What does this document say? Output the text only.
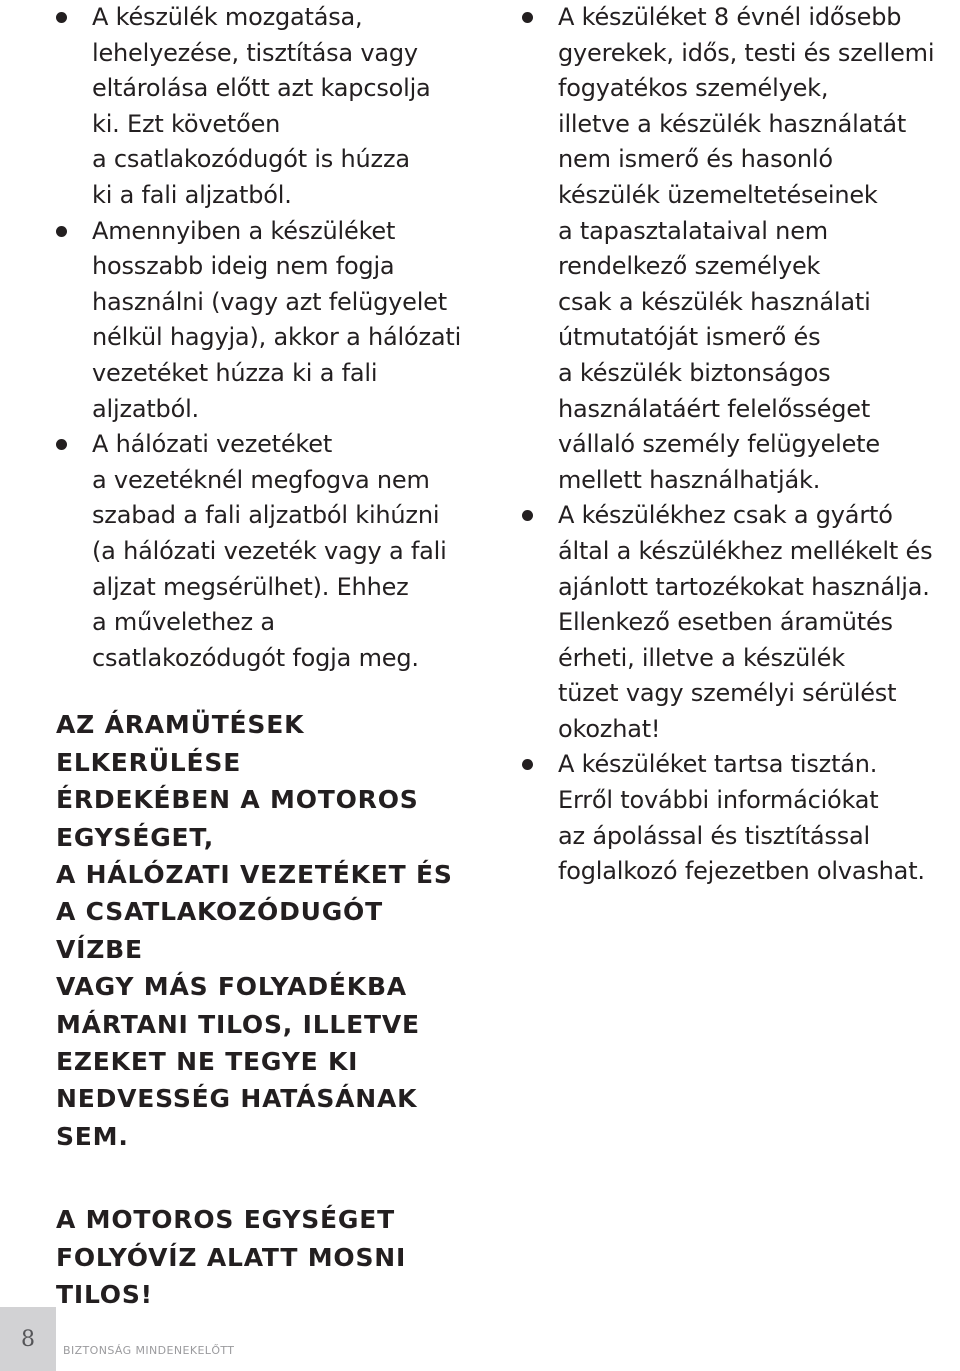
A készülék mozgatása,
lehelyezése, tisztítása vagy
eltárolása előtt azt kapcsolja
ki. Ezt követően
a csatlakozódugót is húzza
ki a fali aljzatból.
Amennyiben a készüléket
hosszabb ideig nem fogja
használni (vagy azt felügyelet
nélkül hagyja), akkor a hálózati
vezetéket húzza ki a fali
aljzatból.
A hálózati vezetéket
a vezetéknél megfogva nem
szabad a fali aljzatból kihúzni
(a hálózati vezeték vagy a fali
aljzat megsérülhet). Ehhez
a művelethez a
csatlakozódugót fogja meg.

AZ ÁRAMÜTÉSEK ELKERÜLÉSE
ÉRDEKÉBEN A MOTOROS
EGYSÉGET,
A HÁLÓZATI VEZETÉKET ÉS
A CSATLAKOZÓDUGÓT VÍZBE
VAGY MÁS FOLYADÉKBA
MÁRTANI TILOS, ILLETVE
EZEKET NE TEGYE KI
NEDVESSÉG HATÁSÁNAK SEM.

A MOTOROS EGYSÉGET
FOLYÓVÍZ ALATT MOSNI TILOS!

A készüléket 8 évnél idősebb
gyerekek, idős, testi és szellemi
fogyatékos személyek,
illetve a készülék használatát
nem ismerő és hasonló
készülék üzemeltetéseinek
a tapasztalataival nem
rendelkező személyek
csak a készülék használati
útmutatóját ismerő és
a készülék biztonságos
használatáért felelősséget
vállaló személy felügyelete
mellett használhatják.
A készülékhez csak a gyártó
által a készülékhez mellékelt és
ajánlott tartozékokat használja.
Ellenkező esetben áramütés
érheti, illetve a készülék
tüzet vagy személyi sérülést
okozhat!
A készüléket tartsa tisztán.
Erről további információkat
az ápolással és tisztítással
foglalkozó fejezetben olvashat.
8	BIZTONSÁG MINDENEKELŐTT
